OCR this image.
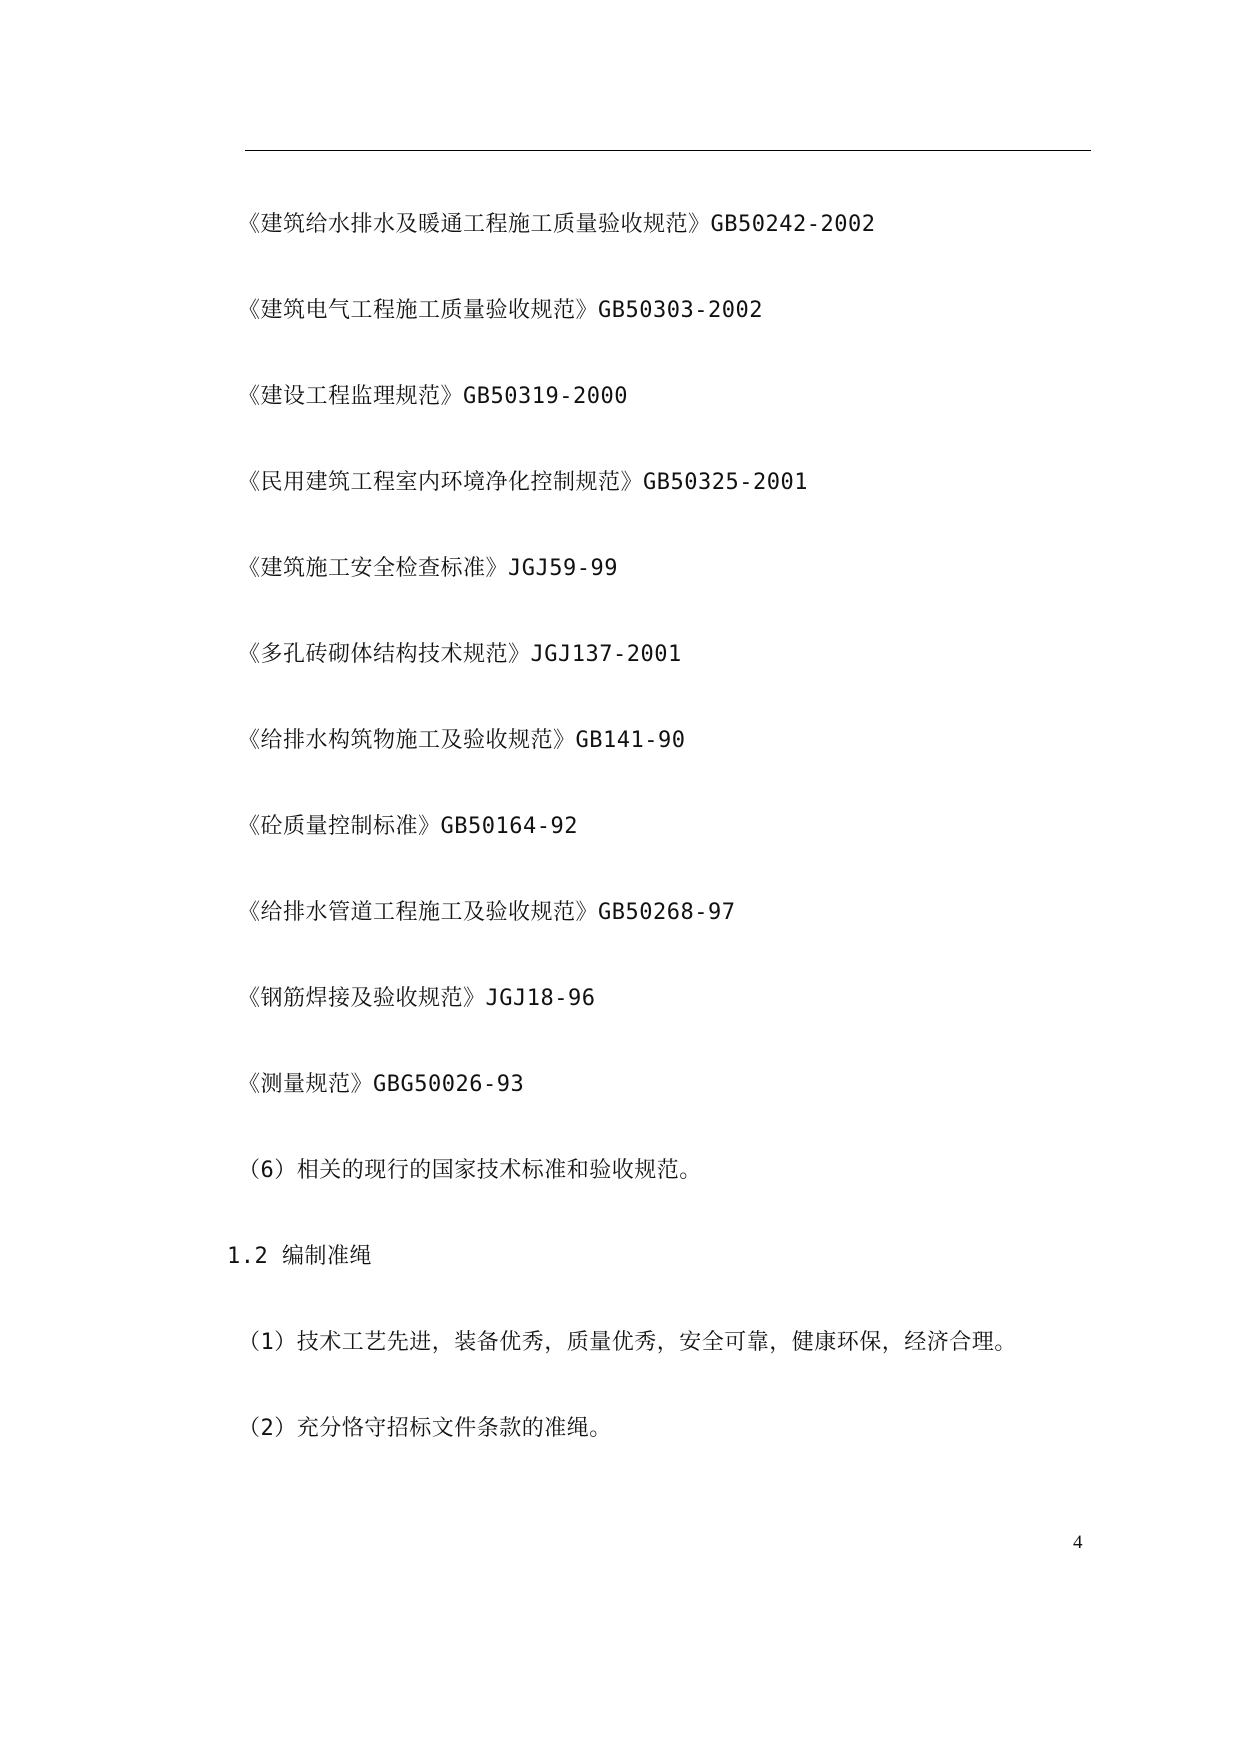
《建筑给水排水及暖通工程施工质量验收规范》GB50242-2002
《建筑电气工程施工质量验收规范》GB50303-2002
《建设工程监理规范》GB50319-2000
《民用建筑工程室内环境净化控制规范》GB50325-2001
《建筑施工安全检查标准》JGJ59-99
《多孔砖砌体结构技术规范》JGJ137-2001
《给排水构筑物施工及验收规范》GB141-90
《砼质量控制标准》GB50164-92
《给排水管道工程施工及验收规范》GB50268-97
《钢筋焊接及验收规范》JGJ18-96
《测量规范》GBG50026-93
（6）相关的现行的国家技术标准和验收规范。
1.2 编制准绳
（1）技术工艺先进，装备优秀，质量优秀，安全可靠，健康环保，经济合理。
（2）充分恪守招标文件条款的准绳。
4
